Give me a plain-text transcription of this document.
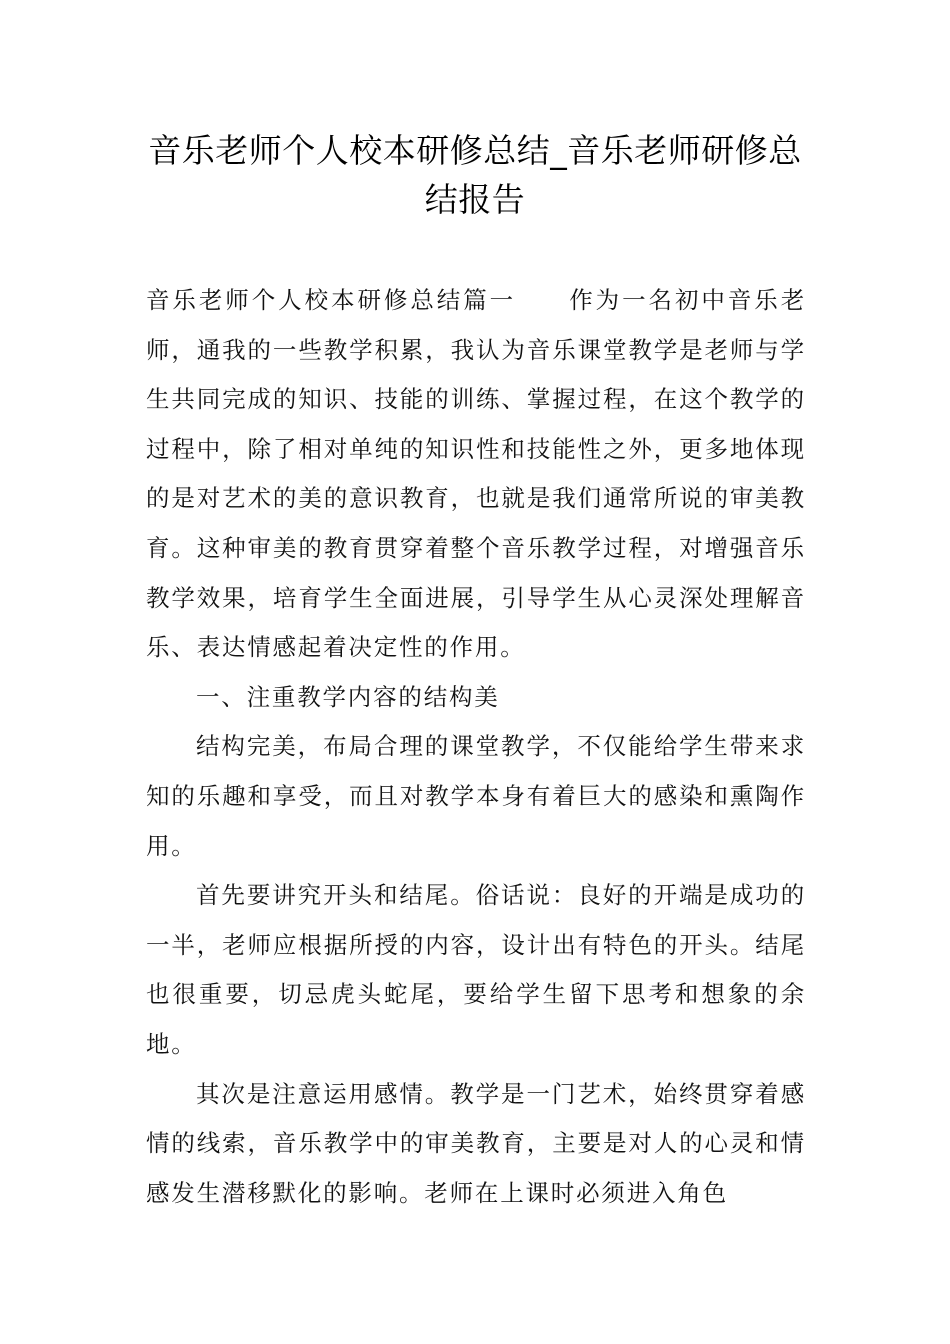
音乐老师个人校本研修总结_音乐老师研修总结报告

音乐老师个人校本研修总结篇一 作为一名初中音乐老师，通我的一些教学积累，我认为音乐课堂教学是老师与学生共同完成的知识、技能的训练、掌握过程，在这个教学的过程中，除了相对单纯的知识性和技能性之外，更多地体现的是对艺术的美的意识教育，也就是我们通常所说的审美教育。这种审美的教育贯穿着整个音乐教学过程，对增强音乐教学效果，培育学生全面进展，引导学生从心灵深处理解音乐、表达情感起着决定性的作用。

一、注重教学内容的结构美

结构完美，布局合理的课堂教学，不仅能给学生带来求知的乐趣和享受，而且对教学本身有着巨大的感染和熏陶作用。

首先要讲究开头和结尾。俗话说：良好的开端是成功的一半，老师应根据所授的内容，设计出有特色的开头。结尾也很重要，切忌虎头蛇尾，要给学生留下思考和想象的余地。

其次是注意运用感情。教学是一门艺术，始终贯穿着感情的线索，音乐教学中的审美教育，主要是对人的心灵和情感发生潜移默化的影响。老师在上课时必须进入角色
